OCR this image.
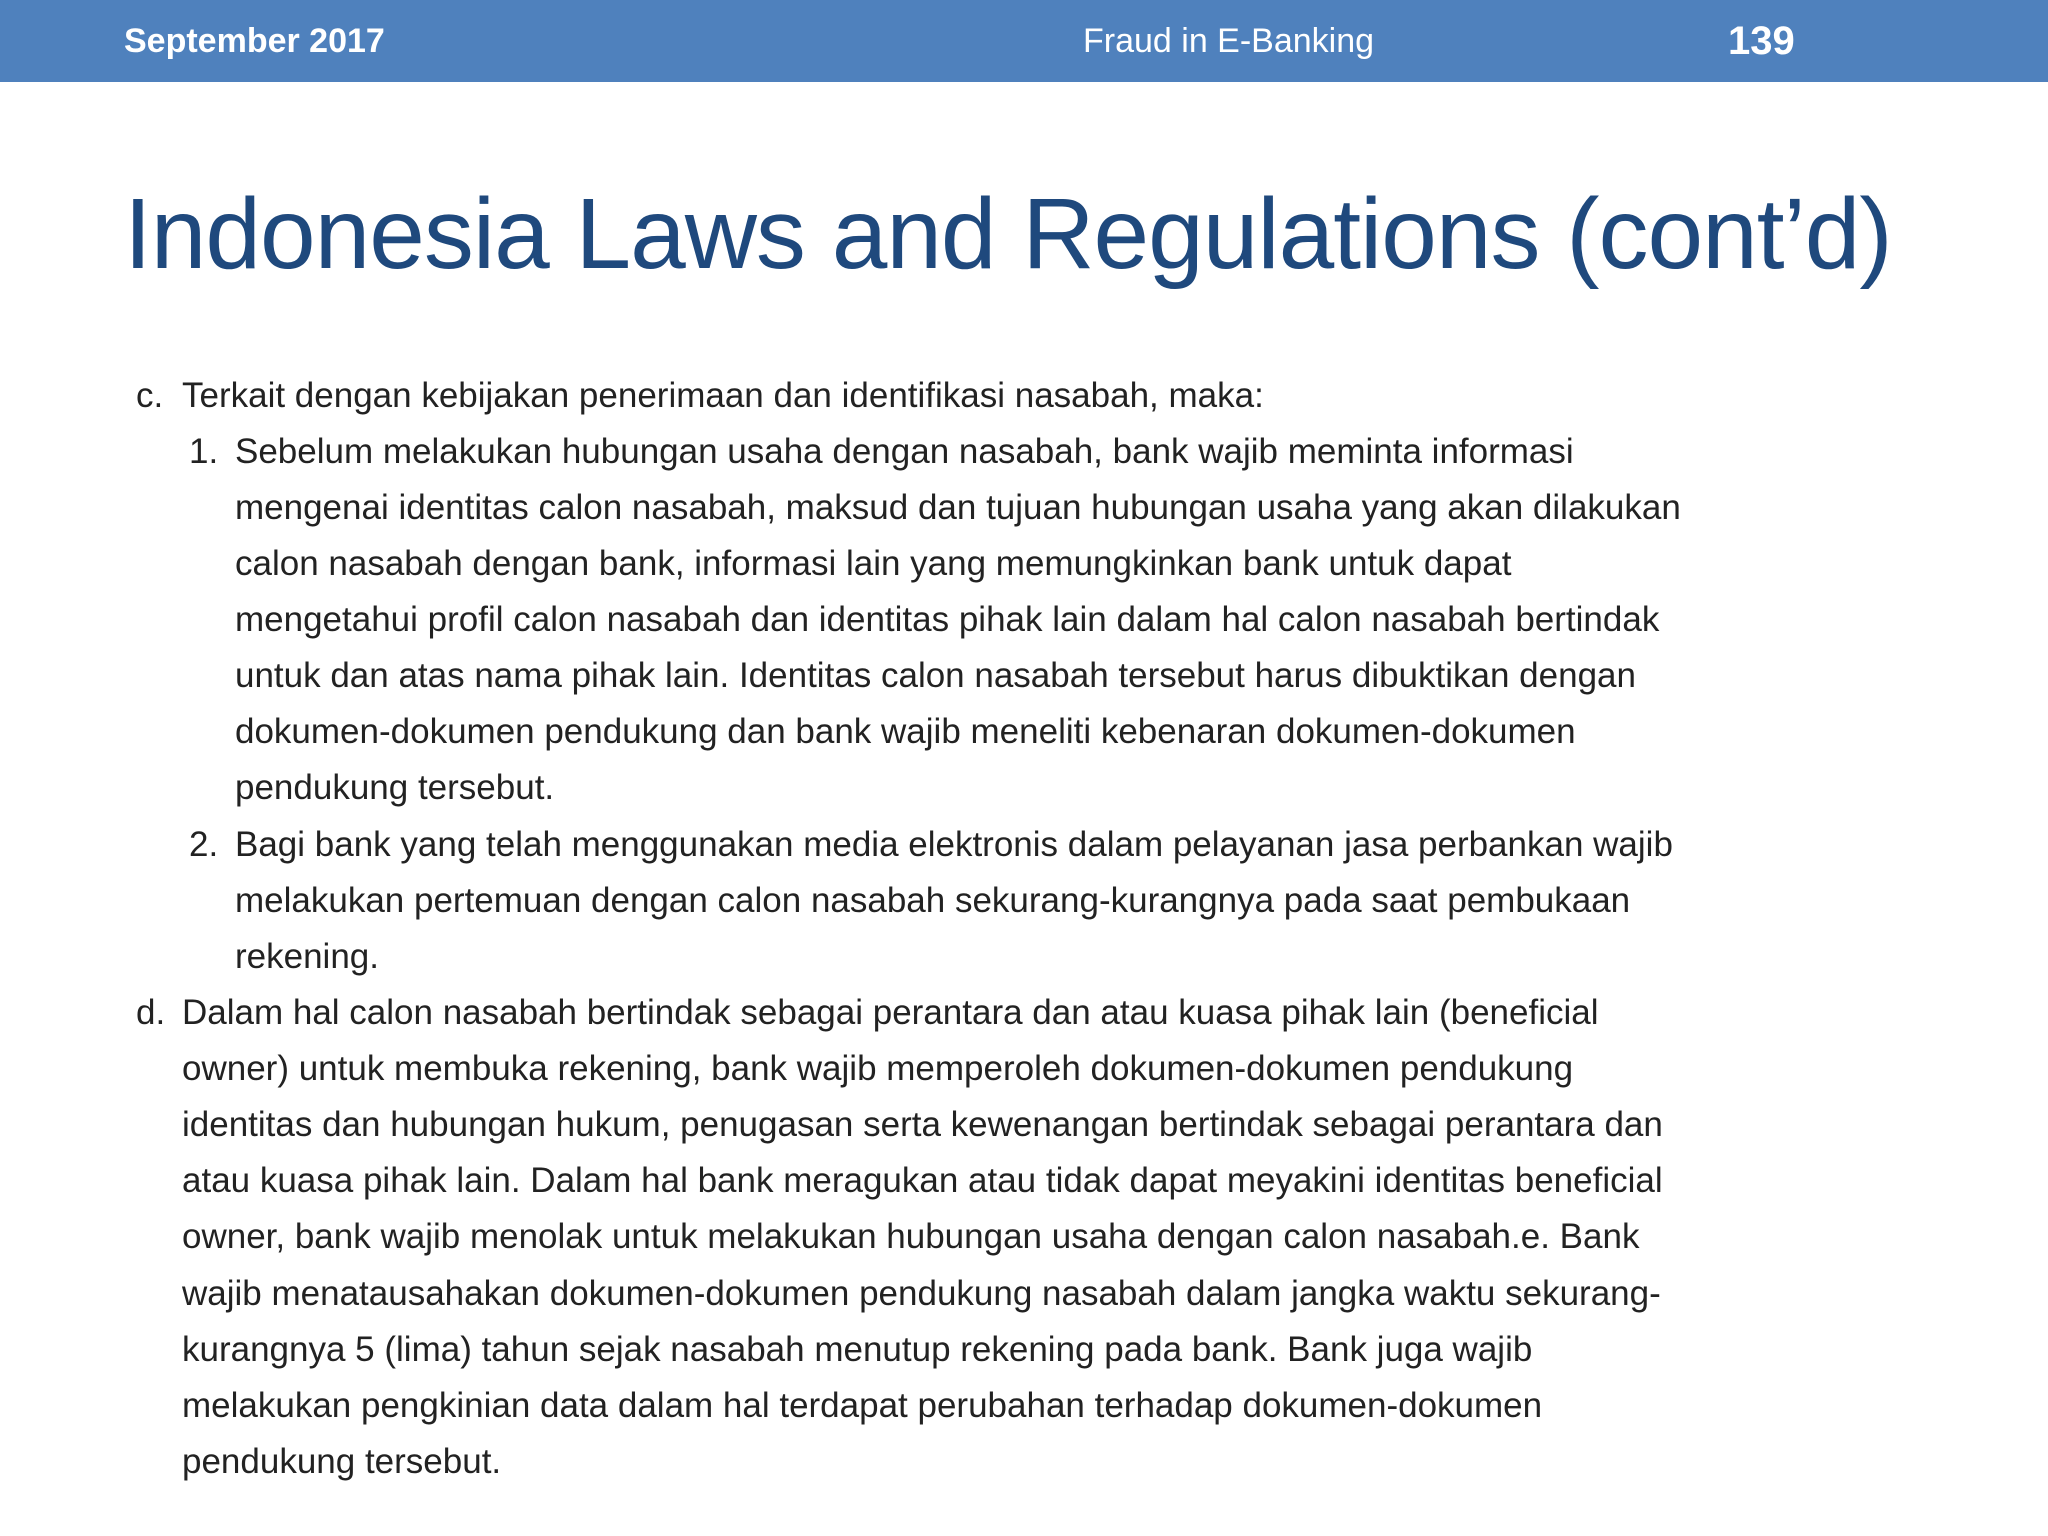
September 2017	Fraud in E-Banking	139
Indonesia Laws and Regulations (cont’d)
c. Terkait dengan kebijakan penerimaan dan identifikasi nasabah, maka:
1. Sebelum melakukan hubungan usaha dengan nasabah, bank wajib meminta informasi
mengenai identitas calon nasabah, maksud dan tujuan hubungan usaha yang akan dilakukan
calon nasabah dengan bank, informasi lain yang memungkinkan bank untuk dapat
mengetahui profil calon nasabah dan identitas pihak lain dalam hal calon nasabah bertindak
untuk dan atas nama pihak lain. Identitas calon nasabah tersebut harus dibuktikan dengan
dokumen-dokumen pendukung dan bank wajib meneliti kebenaran dokumen-dokumen
pendukung tersebut.
2. Bagi bank yang telah menggunakan media elektronis dalam pelayanan jasa perbankan wajib
melakukan pertemuan dengan calon nasabah sekurang-kurangnya pada saat pembukaan
rekening.
d. Dalam hal calon nasabah bertindak sebagai perantara dan atau kuasa pihak lain (beneficial
owner) untuk membuka rekening, bank wajib memperoleh dokumen-dokumen pendukung
identitas dan hubungan hukum, penugasan serta kewenangan bertindak sebagai perantara dan
atau kuasa pihak lain. Dalam hal bank meragukan atau tidak dapat meyakini identitas beneficial
owner, bank wajib menolak untuk melakukan hubungan usaha dengan calon nasabah.e. Bank
wajib menatausahakan dokumen-dokumen pendukung nasabah dalam jangka waktu sekurang-
kurangnya 5 (lima) tahun sejak nasabah menutup rekening pada bank. Bank juga wajib
melakukan pengkinian data dalam hal terdapat perubahan terhadap dokumen-dokumen
pendukung tersebut.
